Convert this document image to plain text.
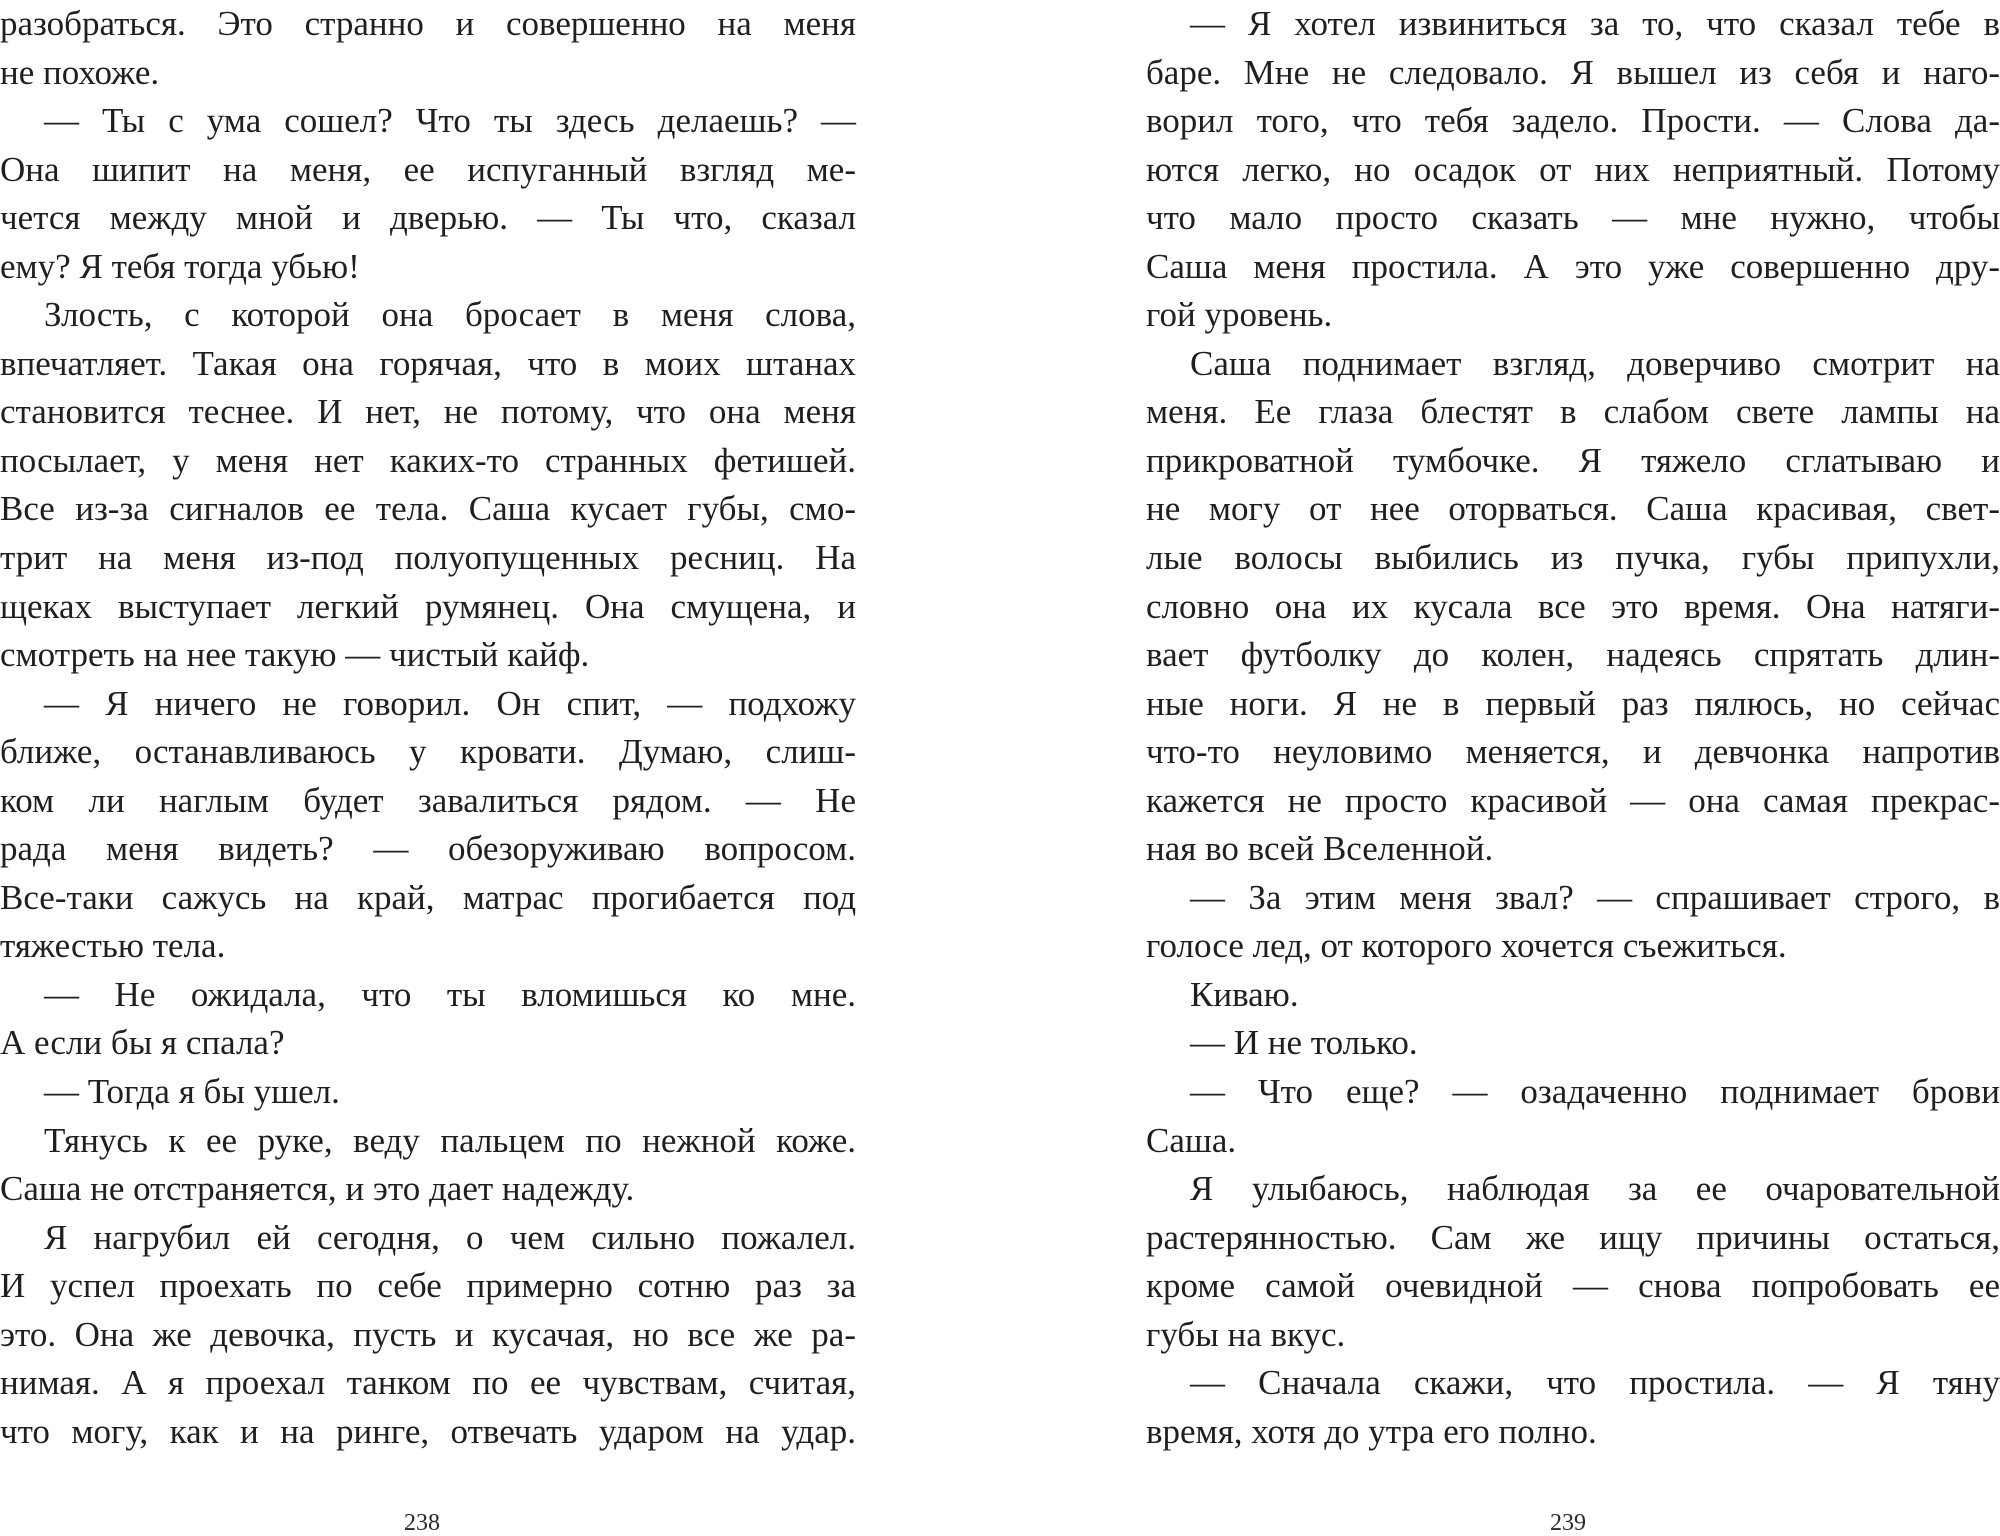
разобраться. Это странно и совершенно на меня
не похоже.
— Ты с ума сошел? Что ты здесь делаешь? —
Она шипит на меня, ее испуганный взгляд ме-
чется между мной и дверью. — Ты что, сказал
ему? Я тебя тогда убью!
Злость, с которой она бросает в меня слова,
впечатляет. Такая она горячая, что в моих штанах
становится теснее. И нет, не потому, что она меня
посылает, у меня нет каких-то странных фетишей.
Все из-за сигналов ее тела. Саша кусает губы, смо-
трит на меня из-под полуопущенных ресниц. На
щеках выступает легкий румянец. Она смущена, и
смотреть на нее такую — чистый кайф.
— Я ничего не говорил. Он спит, — подхожу
ближе, останавливаюсь у кровати. Думаю, слиш-
ком ли наглым будет завалиться рядом. — Не
рада меня видеть? — обезоруживаю вопросом.
Все-таки сажусь на край, матрас прогибается под
тяжестью тела.
— Не ожидала, что ты вломишься ко мне.
А если бы я спала?
— Тогда я бы ушел.
Тянусь к ее руке, веду пальцем по нежной коже.
Саша не отстраняется, и это дает надежду.
Я нагрубил ей сегодня, о чем сильно пожалел.
И успел проехать по себе примерно сотню раз за
это. Она же девочка, пусть и кусачая, но все же ра-
нимая. А я проехал танком по ее чувствам, считая,
что могу, как и на ринге, отвечать ударом на удар.
238
— Я хотел извиниться за то, что сказал тебе в
баре. Мне не следовало. Я вышел из себя и наго-
ворил того, что тебя задело. Прости. — Слова да-
ются легко, но осадок от них неприятный. Потому
что мало просто сказать — мне нужно, чтобы
Саша меня простила. А это уже совершенно дру-
гой уровень.
Саша поднимает взгляд, доверчиво смотрит на
меня. Ее глаза блестят в слабом свете лампы на
прикроватной тумбочке. Я тяжело сглатываю и
не могу от нее оторваться. Саша красивая, свет-
лые волосы выбились из пучка, губы припухли,
словно она их кусала все это время. Она натяги-
вает футболку до колен, надеясь спрятать длин-
ные ноги. Я не в первый раз пялюсь, но сейчас
что-то неуловимо меняется, и девчонка напротив
кажется не просто красивой — она самая прекрас-
ная во всей Вселенной.
— За этим меня звал? — спрашивает строго, в
голосе лед, от которого хочется съежиться.
Киваю.
— И не только.
— Что еще? — озадаченно поднимает брови
Саша.
Я улыбаюсь, наблюдая за ее очаровательной
растерянностью. Сам же ищу причины остаться,
кроме самой очевидной — снова попробовать ее
губы на вкус.
— Сначала скажи, что простила. — Я тяну
время, хотя до утра его полно.
239
